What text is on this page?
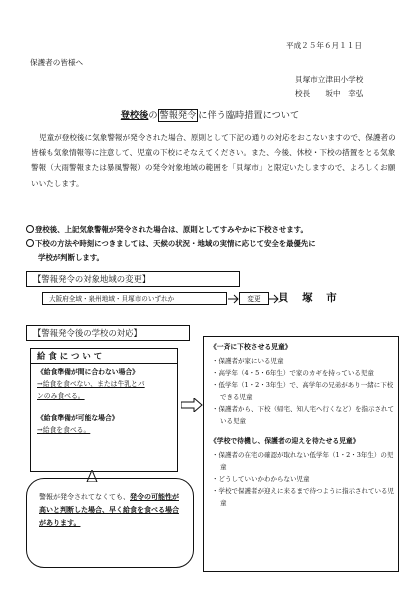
平成２５年６月１１日
保護者の皆様へ
貝塚市立津田小学校
校長　　坂中　幸弘
登校後の 警報発令 に伴う臨時措置について
児童が登校後に気象警報が発令された場合、原則として下記の通りの対応をおこないますので、保護者の皆様も気象情報等に注意して、児童の下校にそなえてください。また、今後、休校・下校の措置をとる気象警報（大雨警報または暴風警報）の発令対象地域の範囲を「貝塚市」と限定いたしますので、よろしくお願いいたします。
登校後、上記気象警報が発令された場合は、原則としてすみやかに下校させます。
下校の方法や時刻につきましては、天候の状況・地域の実情に応じて安全を最優先に
学校が判断します。
【警報発令の対象地域の変更】
大阪府全域・泉州地域・貝塚市のいずれか	変更	貝 塚 市
【警報発令後の学校の対応】
給食について
《給食準備が間に合わない場合》
→給食を食べない、または牛乳とパ
ンのみ食べる。
《給食準備が可能な場合》
→給食を食べる。
《一斉に下校させる児童》
・保護者が家にいる児童
・高学年（4・5・6年生）で家のカギを持っている児童
・低学年（1・2・3年生）で、高学年の兄弟があり一緒に下校できる児童
・保護者から、下校（帰宅、知人宅へ行くなど）を指示されている児童
《学校で待機し、保護者の迎えを待たせる児童》
・保護者の在宅の確認が取れない低学年（1・2・3年生）の児童
・どうしていいかわからない児童
・学校で保護者が迎えに来るまで待つように指示されている児童
警報が発令されてなくても、発令の可能性が高いと判断した場合、早く給食を食べる場合があります。
